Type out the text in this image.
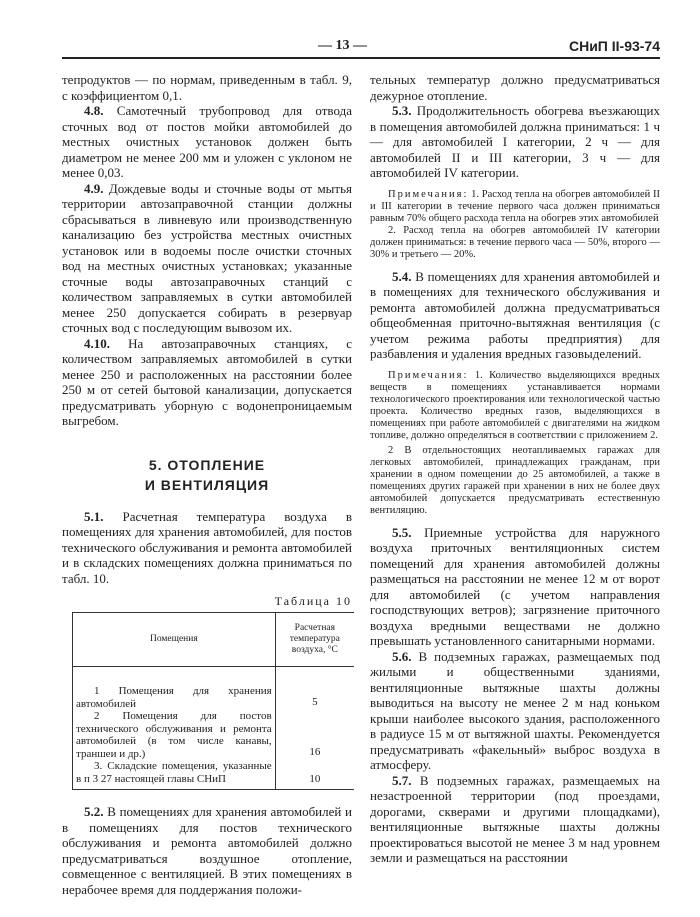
— 13 —	СНиП II-93-74

тепродуктов — по нормам, приведенным в табл. 9, с коэффициентом 0,1.

4.8. Самотечный трубопровод для отвода сточных вод от постов мойки автомобилей до местных очистных установок должен быть диаметром не менее 200 мм и уложен с уклоном не менее 0,03.

4.9. Дождевые воды и сточные воды от мытья территории автозаправочной станции должны сбрасываться в ливневую или производственную канализацию без устройства местных очистных установок или в водоемы после очистки сточных вод на местных очистных установках; указанные сточные воды автозаправочных станций с количеством заправляемых в сутки автомобилей менее 250 допускается собирать в резервуар сточных вод с последующим вывозом их.

4.10. На автозаправочных станциях, с количеством заправляемых автомобилей в сутки менее 250 и расположенных на расстоянии более 250 м от сетей бытовой канализации, допускается предусматривать уборную с водонепроницаемым выгребом.

5. ОТОПЛЕНИЕ
И ВЕНТИЛЯЦИЯ

5.1. Расчетная температура воздуха в помещениях для хранения автомобилей, для постов технического обслуживания и ремонта автомобилей и в складских помещениях должна приниматься по табл. 10.

Таблица 10
Помещения	Расчетная температура воздуха, °С

1 Помещения для хранения автомобилей	5

2 Помещения для постов технического обслуживания и ремонта автомобилей (в том числе канавы, траншеи и др.)	16

3. Складские помещения, указанные в п 3 27 настоящей главы СНиП	10

5.2. В помещениях для хранения автомобилей и в помещениях для постов технического обслуживания и ремонта автомобилей должно предусматриваться воздушное отопление, совмещенное с вентиляцией. В этих помещениях в нерабочее время для поддержания положи-

тельных температур должно предусматриваться дежурное отопление.

5.3. Продолжительность обогрева въезжающих в помещения автомобилей должна приниматься: 1 ч — для автомобилей I категории, 2 ч — для автомобилей II и III категории, 3 ч — для автомобилей IV категории.

Примечания: 1. Расход тепла на обогрев автомобилей II и III категории в течение первого часа должен приниматься равным 70% общего расхода тепла на обогрев этих автомобилей

2. Расход тепла на обогрев автомобилей IV категории должен приниматься: в течение первого часа — 50%, второго — 30% и третьего — 20%.

5.4. В помещениях для хранения автомобилей и в помещениях для технического обслуживания и ремонта автомобилей должна предусматриваться общеобменная приточно-вытяжная вентиляция (с учетом режима работы предприятия) для разбавления и удаления вредных газовыделений.

Примечания: 1. Количество выделяющихся вредных веществ в помещениях устанавливается нормами технологического проектирования или технологической частью проекта. Количество вредных газов, выделяющихся в помещениях при работе автомобилей с двигателями на жидком топливе, должно определяться в соответствии с приложением 2.

2 В отдельностоящих неотапливаемых гаражах для легковых автомобилей, принадлежащих гражданам, при хранении в одном помещении до 25 автомобилей, а также в помещениях других гаражей при хранении в них не более двух автомобилей допускается предусматривать естественную вентиляцию.

5.5. Приемные устройства для наружного воздуха приточных вентиляционных систем помещений для хранения автомобилей должны размещаться на расстоянии не менее 12 м от ворот для автомобилей (с учетом направления господствующих ветров); загрязнение приточного воздуха вредными веществами не должно превышать установленного санитарными нормами.

5.6. В подземных гаражах, размещаемых под жилыми и общественными зданиями, вентиляционные вытяжные шахты должны выводиться на высоту не менее 2 м над коньком крыши наиболее высокого здания, расположенного в радиусе 15 м от вытяжной шахты. Рекомендуется предусматривать «факельный» выброс воздуха в атмосферу.

5.7. В подземных гаражах, размещаемых на незастроенной территории (под проездами, дорогами, скверами и другими площадками), вентиляционные вытяжные шахты должны проектироваться высотой не менее 3 м над уровнем земли и размещаться на расстоянии
